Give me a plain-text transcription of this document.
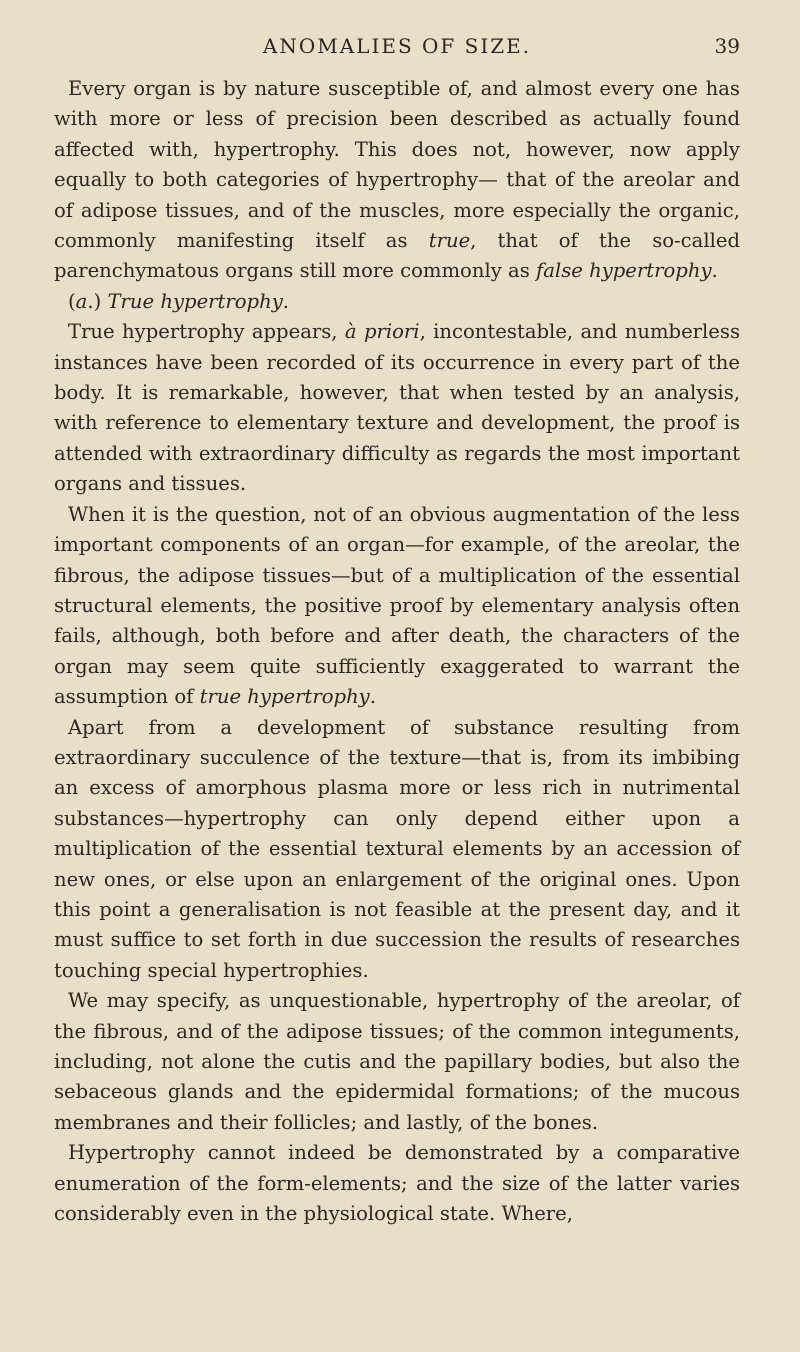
ANOMALIES OF SIZE.	39

Every organ is by nature susceptible of, and almost every one has with more or less of precision been described as actually found affected with, hypertrophy. This does not, however, now apply equally to both categories of hypertrophy— that of the areolar and of adipose tissues, and of the muscles, more especially the organic, commonly manifesting itself as true, that of the so-called parenchymatous organs still more commonly as false hypertrophy.

(a.) True hypertrophy.

True hypertrophy appears, à priori, incontestable, and numberless instances have been recorded of its occurrence in every part of the body. It is remarkable, however, that when tested by an analysis, with reference to elementary texture and development, the proof is attended with extraordinary difficulty as regards the most important organs and tissues.

When it is the question, not of an obvious augmentation of the less important components of an organ—for example, of the areolar, the fibrous, the adipose tissues—but of a multiplication of the essential structural elements, the positive proof by elementary analysis often fails, although, both before and after death, the characters of the organ may seem quite sufficiently exaggerated to warrant the assumption of true hypertrophy.

Apart from a development of substance resulting from extraordinary succulence of the texture—that is, from its imbibing an excess of amorphous plasma more or less rich in nutrimental substances—hypertrophy can only depend either upon a multiplication of the essential textural elements by an accession of new ones, or else upon an enlargement of the original ones. Upon this point a generalisation is not feasible at the present day, and it must suffice to set forth in due succession the results of researches touching special hypertrophies.

We may specify, as unquestionable, hypertrophy of the areolar, of the fibrous, and of the adipose tissues; of the common integuments, including, not alone the cutis and the papillary bodies, but also the sebaceous glands and the epidermidal formations; of the mucous membranes and their follicles; and lastly, of the bones.

Hypertrophy cannot indeed be demonstrated by a comparative enumeration of the form-elements; and the size of the latter varies considerably even in the physiological state. Where,
